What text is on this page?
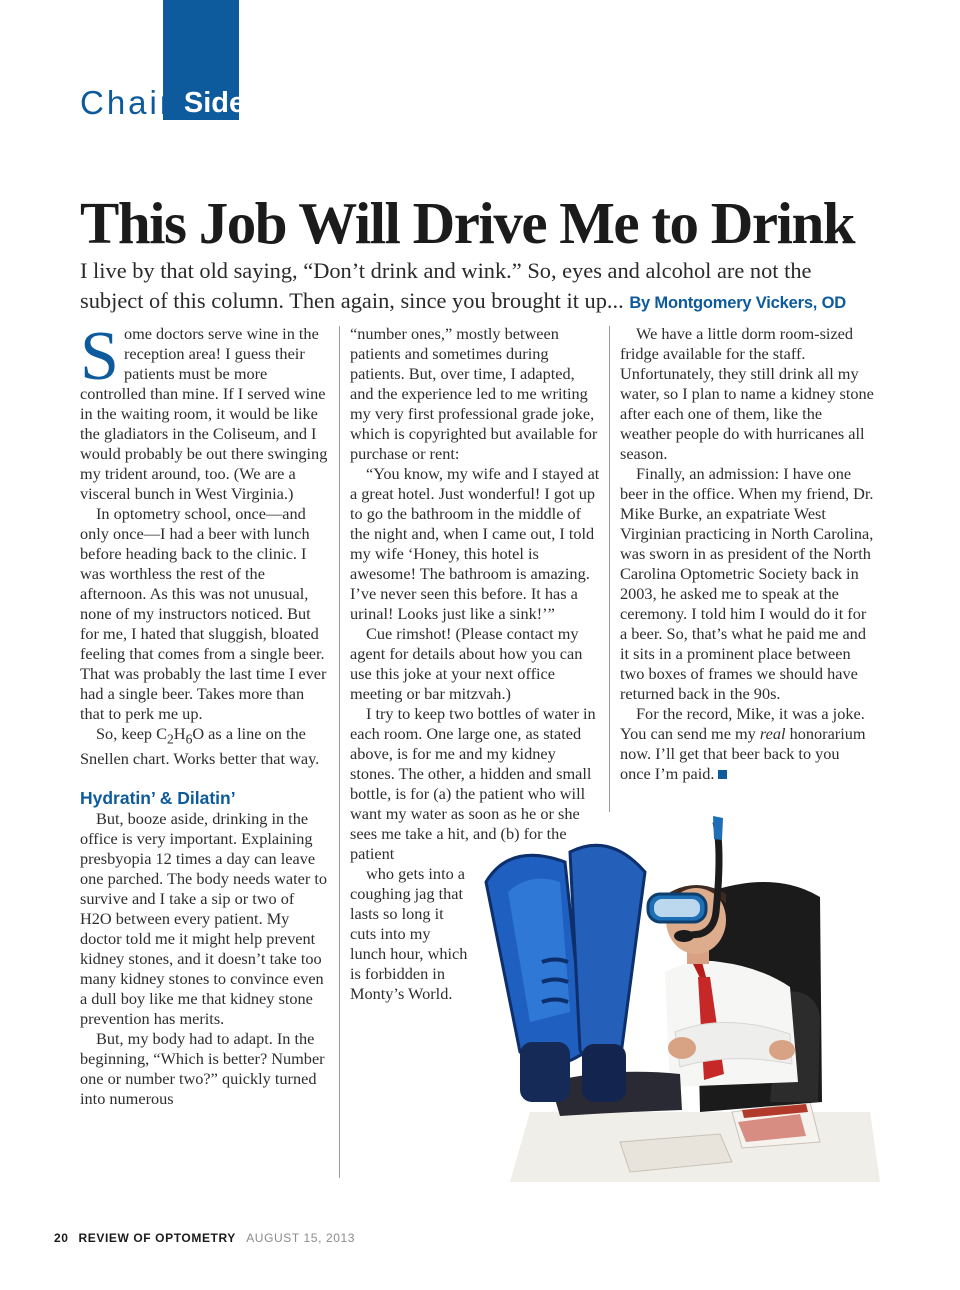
Chair Side
This Job Will Drive Me to Drink
I live by that old saying, “Don’t drink and wink.” So, eyes and alcohol are not the subject of this column. Then again, since you brought it up... By Montgomery Vickers, OD

Some doctors serve wine in the reception area! I guess their patients must be more controlled than mine. If I served wine in the waiting room, it would be like the gladiators in the Coliseum, and I would probably be out there swinging my trident around, too. (We are a visceral bunch in West Virginia.)

In optometry school, once—and only once—I had a beer with lunch before heading back to the clinic. I was worthless the rest of the afternoon. As this was not unusual, none of my instructors noticed. But for me, I hated that sluggish, bloated feeling that comes from a single beer. That was probably the last time I ever had a single beer. Takes more than that to perk me up.

So, keep $C_2H_6O$ as a line on the Snellen chart. Works better that way.

Hydratin’ & Dilatin’

But, booze aside, drinking in the office is very important. Explaining presbyopia 12 times a day can leave one parched. The body needs water to survive and I take a sip or two of H2O between every patient. My doctor told me it might help prevent kidney stones, and it doesn’t take too many kidney stones to convince even a dull boy like me that kidney stone prevention has merits.

But, my body had to adapt. In the beginning, “Which is better? Number one or number two?” quickly turned into numerous

“number ones,” mostly between patients and sometimes during patients. But, over time, I adapted, and the experience led to me writing my very first professional grade joke, which is copyrighted but available for purchase or rent:

“You know, my wife and I stayed at a great hotel. Just wonderful! I got up to go the bathroom in the middle of the night and, when I came out, I told my wife ‘Honey, this hotel is awesome! The bathroom is amazing. I’ve never seen this before. It has a urinal! Looks just like a sink!’”

Cue rimshot! (Please contact my agent for details about how you can use this joke at your next office meeting or bar mitzvah.)

I try to keep two bottles of water in each room. One large one, as stated above, is for me and my kidney stones. The other, a hidden and small bottle, is for (a) the patient who will want my water as soon as he or she sees me take a hit, and (b) for the patient
who gets into a coughing jag that lasts so long it cuts into my lunch hour, which is forbidden in Monty’s World.

We have a little dorm room-sized fridge available for the staff. Unfortunately, they still drink all my water, so I plan to name a kidney stone after each one of them, like the weather people do with hurricanes all season.

Finally, an admission: I have one beer in the office. When my friend, Dr. Mike Burke, an expatriate West Virginian practicing in North Carolina, was sworn in as president of the North Carolina Optometric Society back in 2003, he asked me to speak at the ceremony. I told him I would do it for a beer. So, that’s what he paid me and it sits in a prominent place between two boxes of frames we should have returned back in the 90s.

For the record, Mike, it was a joke. You can send me my real honorarium now. I’ll get that beer back to you once I’m paid.

20 REVIEW OF OPTOMETRY AUGUST 15, 2013
